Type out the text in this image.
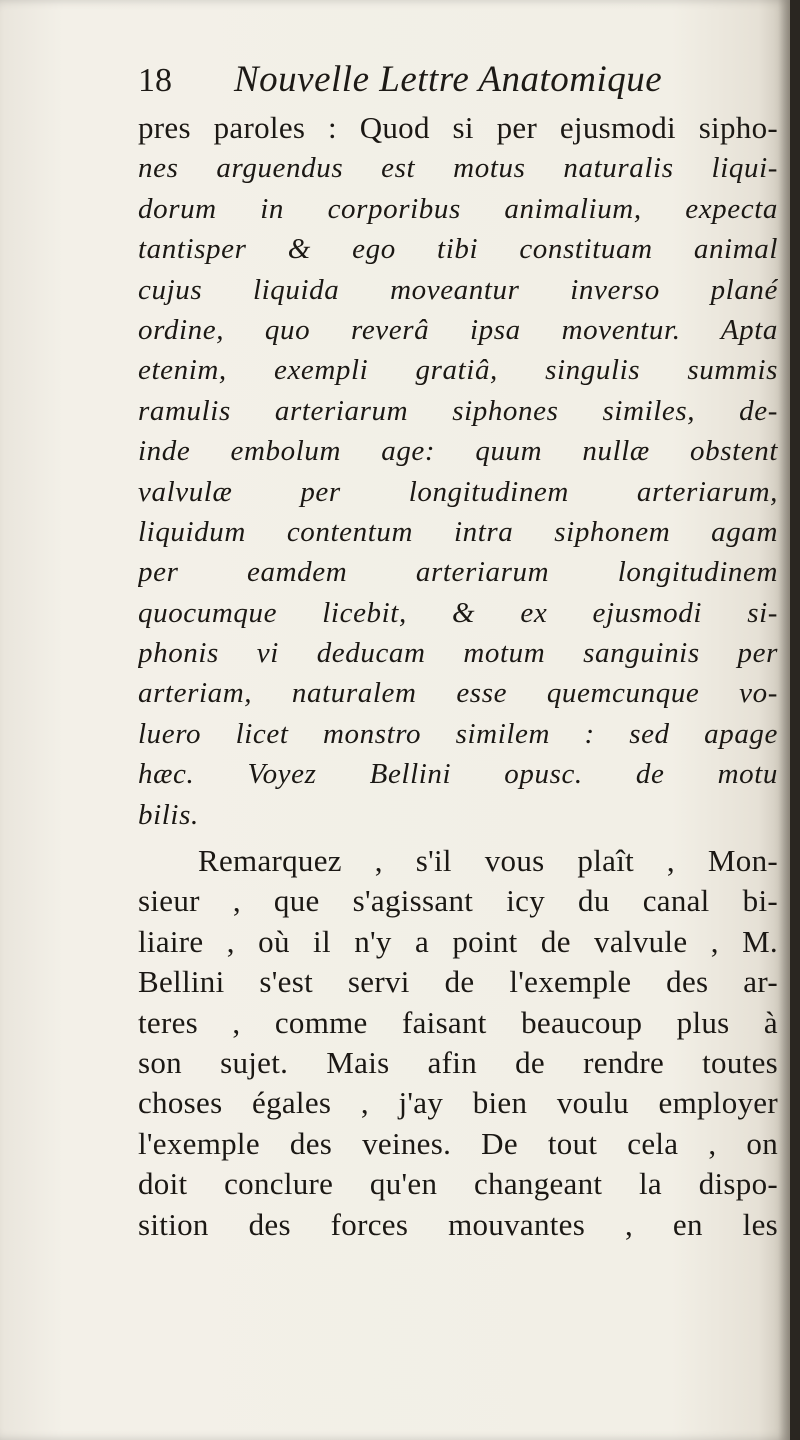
18 Nouvelle Lettre Anatomique
pres paroles : Quod si per ejusmodi sipho-
nes arguendus est motus naturalis liqui-
dorum in corporibus animalium, expecta
tantisper & ego tibi constituam animal
cujus liquida moveantur inverso plané
ordine, quo reverâ ipsa moventur. Apta
etenim, exempli gratiâ, singulis summis
ramulis arteriarum siphones similes, de-
inde embolum age: quum nullæ obstent
valvulæ per longitudinem arteriarum,
liquidum contentum intra siphonem agam
per eamdem arteriarum longitudinem
quocumque licebit, & ex ejusmodi si-
phonis vi deducam motum sanguinis per
arteriam, naturalem esse quemcunque vo-
luero licet monstro similem : sed apage
hæc. Voyez Bellini opusc. de motu
bilis.
Remarquez , s'il vous plaît , Mon-
sieur , que s'agissant icy du canal bi-
liaire , où il n'y a point de valvule , M.
Bellini s'est servi de l'exemple des ar-
teres , comme faisant beaucoup plus à
son sujet. Mais afin de rendre toutes
choses égales , j'ay bien voulu employer
l'exemple des veines. De tout cela , on
doit conclure qu'en changeant la dispo-
sition des forces mouvantes , en les
